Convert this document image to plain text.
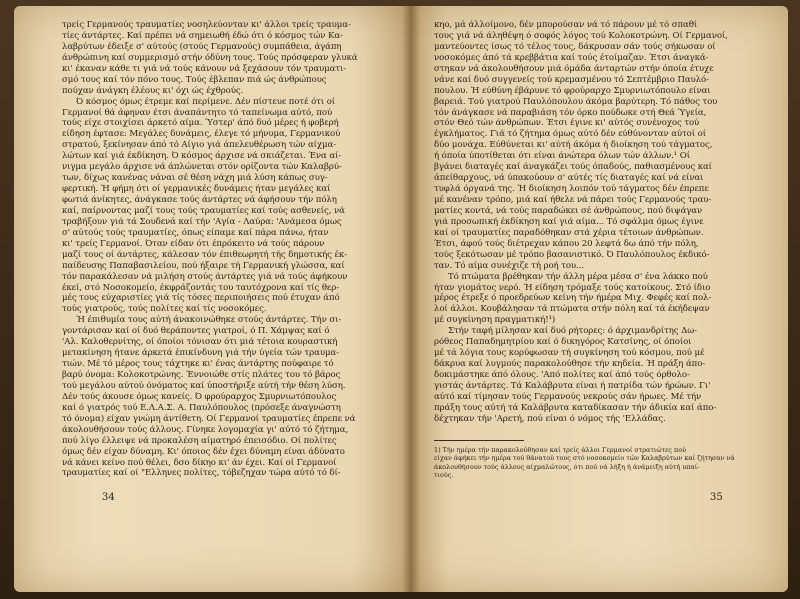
τρείς Γερμανούς τραυματίες νοσηλεύονταν κι' άλλοι τρείς τραυμα-
τίες άντάρτες. Καί πρέπει νά σημειωθή έδώ ότι ό κόσμος τών Κα-
λαβρύτων έδειξε σ' αύτούς (στούς Γερμανούς) συμπάθεια, άγάπη
άνθρώπινη καί συμμερισμό στήν όδύνη τους. Τούς πρόσφεραν γλυκά
κι' έκαναν κάθε τι γιά νά τούς κάνουν νά ξεχάσουν τόν τραυματι-
σμό τους καί τόν πόνο τους. Τούς έβλεπαν πιά ώς άνθρώπους
πούχαν άνάγκη έλέους κι' όχι ώς έχθρούς.
Ό κόσμος όμως έτρεμε καί περίμενε. Δέν πίστευε ποτέ ότι οί
Γερμανοί θά άφηναν έτσι άναπάντητο τό ταπείνωμα αύτό, πού
τούς είχε στοιχίσει άρκετό αίμα. Ύστερ' άπό δυό μέρες ή φοβερή
είδηση έφτασε: Μεγάλες δυνάμεις, έλεγε τό μήνυμα, Γερμανικού
στρατού, ξεκίνησαν άπό τό Αίγιο γιά άπελευθέρωση τών αίχμα-
λώτων καί γιά έκδίκηση. Ό κόσμος άρχισε νά σκιάζεται. Ένα αί-
νιγμα μεγάλο άρχισε νά άπλώνεται στόν ορίζοντα τών Καλαβρύ-
των, δίχως κανένας νάναι σέ θέση νάχη μιά λύση κάπως συγ-
φερτική. Ή φήμη ότι οί γερμανικές δυνάμεις ήταν μεγάλες καί
φωτιά άνίκητες, άνάγκασε τούς άντάρτες νά άφήσουν τήν πόλη
καί, παίρνοντας μαζί τους τούς τραυματίες καί τούς ασθενείς, νά
τραβήξουν γιά τά Σουδενά καί τήν 'Αγία - Λαύρα: 'Ανάμεσα όμως
σ' αύτούς τούς τραυματίες, όπως είπαμε καί πάρα πάνω, ήταν
κι' τρείς Γερμανοί. Όταν είδαν ότι έπρόκειτο νά τούς πάρουν
μαζί τους οί άντάρτες, κάλεσαν τόν έπιθεωρητή τής δημοτικής έκ-
παίδευσης Παπαβασιλείου, πού ήξαιρε τή Γερμανική γλώσσα, καί
τόν παρακάλεσαν νά μιλήση στούς άντάρτες γιά νά τούς άφήκουν
έκεί, στό Νοσοκομείο, έκφράζοντάς του ταυτόχρονα καί τίς θερ-
μές τους εύχαριστίες γιά τίς τόσες περιποιήσεις πού έτυχαν άπό
τούς γιατρούς, τούς πολίτες καί τίς νοσοκόμες.
Ή έπιθυμία τους αύτή άνακοινώθηκε στούς άντάρτες. Τήν σι-
γοντάρισαν καί οί δυό θεράποντες γιατροί, ό Π. Χάμψας καί ό
'Αλ. Καλοθερνίτης, οί όποίοι τόνισαν ότι μιά τέτοια κουραστική
μετακίνηση ήτανε άρκετά έπικίνδυνη γιά τήν ύγεία τών τραυμα-
τιών. Μέ τό μέρος τους τάχτηκε κι' ένας άντάρτης πούφαιρε τό
βαρύ όνομα: Κολοκοτρώνης. Έννοιώθε στίς πλάτες του τό βάρος
τού μεγάλου αύτού όνόματος καί ύποστήριξε αύτή τήν θέση λύση.
Δέν τούς άκουσε όμως κανείς. Ό φρούραρχος Σμυρνιωτόπουλος
καί ό γιατρός τού Ε.Λ.Α.Σ. Α. Παυλόπουλος (πρόσεξε άναγνώστη
τό όνομα) είχαν γνώμη άντίθετη. Οί Γερμανοί τραυματίες έπρεπε νά
άκολουθήσουν τούς άλλους. Γίνηκε λογομαχία γι' αύτό τό ζήτημα,
πού λίγο έλλειψε νά προκαλέση αίματηρό έπεισόδιο. Οί πολίτες
όμως δέν είχαν δύναμη. Κι' όποιος δέν έχει δύναμη είναι άδύνατο
νά κάνει κείνο πού θέλει, δσο δίκηο κι' άν έχει. Καί οί Γερμανοί
τραυματίες καί οί "Ελληνες πολίτες, τόβεζηχαν τώρα αύτό τό δί-
34
κηο, μά άλλοίμονο, δέν μπορούσαν νά τό πάρουν μέ τό σπαθί
τους γιά νά άληθέψη ό σοφός λόγος τού Κολοκοτρώνη. Οί Γερμανοί,
μαντεύοντες ίσως τό τέλος τους, δάκρυσαν σάν τούς σήκωσαν οί
νοσοκόμες άπό τά κρεββάτια καί τούς έτοίμαζαν. Έτσι άναγκά-
στηκαν νά άκολουθήσουν μιά όμάδα άνταρτών στήν όποία έτυχε
νάνε καί δυό συγγενείς τού κρεμασμένου τό Σεπτέμβριο Παυλό-
πουλου. Ή εύθύνη έβάρυνε τό φρούραρχο Σμυρνιωτόπουλο είναι
βαρειά. Τού γιατρού Παυλόπουλου άκόμα βαρύτερη. Τό πάθος του
τόν άνάγκασε νά παραβιάση τόν όρκο πούδωκε στή Θεά Ύγεία,
στόν Θεό τών άνθρώπων. Έτσι έγινε κι' αύτός συνένοχος τού
έγκλήματος. Γιά τό ζήτημα όμως αύτό δέν εύθύνονταν αύτοί οί
δύο μονάχα. Εύθύνεται κι' αύτή άκόμα ή διοίκηση τού τάγματος,
ή όποία ύποτίθεται ότι είναι άνώτερα όλων τών άλλων.¹ Οί
βγάνει διαταγές καί άναγκάζει τούς όπαδούς, παθιασμένους καί
άπείθαρχους, νά ύπακούουν σ' αύτές τίς διαταγές καί νά είναι
τυφλά όργανά της. Ή διοίκηση λοιπόν τού τάγματος δέν έπρεπε
μέ κανέναν τρόπο, μιά καί ήθελε νά πάρει τούς Γερμανούς τραυ-
ματίες κοντά, νά τούς παραδώκει σέ άνθρώπους, πού διψάγαν
γιά προσωπική έκδίκηση καί γιά αίμα... Τό σφάλμα όμως έγινε
καί οί τραυματίες παραδόθηκαν στά χέρια τέτοιων άνθρώπων.
Έτσι, άφού τούς διέτρεχαν κάπου 20 λεφτά δω άπό τήν πόλη,
τούς ξεκότωσαν μέ τρόπο βασανιστικό. Ό Παυλόπουλος έκδικό-
ταν. Τό αίμα συνέχιζε τή ροή του...
Τό πτώματα βρέθηκαν τήν άλλη μέρα μέσα σ' ένα λάκκο πού
ήταν γιομάτος νερό. Ή είδηση τρόμαξε τούς κατοίκους. Στό ίδιο
μέρος έτρεξε ό προεδρεύων κείνη τήν ήμέρα Μιχ. Φεφές καί πολ-
λοί άλλοι. Κουβάλησαν τά πτώματα στήν πόλη καί τά έκήδεψαν
μέ συγκίνηση πραγματική!¹)
Στήν ταφή μίλησαν καί δυό ρήτορες: ό άρχιμανδρίτης Δω-
ρόθεος Παπαδημητρίου καί ό δικηγόρος Κατσίνης, οί όποίοι
μέ τά λόγια τους κορύφωσαν τή συγκίνηση τού κόσμου, πού μέ
δάκρυα καί λυγμούς παρακολούθησε τήν κηδεία. Ή πράξη άπο-
δοκιμάστηκε άπό όλους. 'Από πολίτες καί άπό τούς όρθολο-
γιστάς άντάρτες. Τά Καλάβρυτα είναι ή πατρίδα τών ήρώων. Γι'
αύτό καί τίμησαν τούς Γερμανούς νεκρούς σάν ήρωες. Μέ τήν
πράξη τους αύτή τά Καλάβρυτα καταδίκασαν τήν άδικία καί άπο-
δέχτηκαν τήν 'Αρετή, πού είναι ό νόμος τής 'Ελλάδας.
1) Τήν ημέρα τήν παρακολούθησαν καί τρείς άλλοι Γερμανοί στρατιώτες πού
είχαν άφήκει τήν ημέρα τού θάνατού τους στό νοσοκομείο τών Καλαβρύτων καί ζήτησαν νά
άκολουθήσουν τούς άλλους αίχμαλώτους, ότι πού νά λήξη ή άνάμειξη αύτή υπαί-
τιούς.
35
